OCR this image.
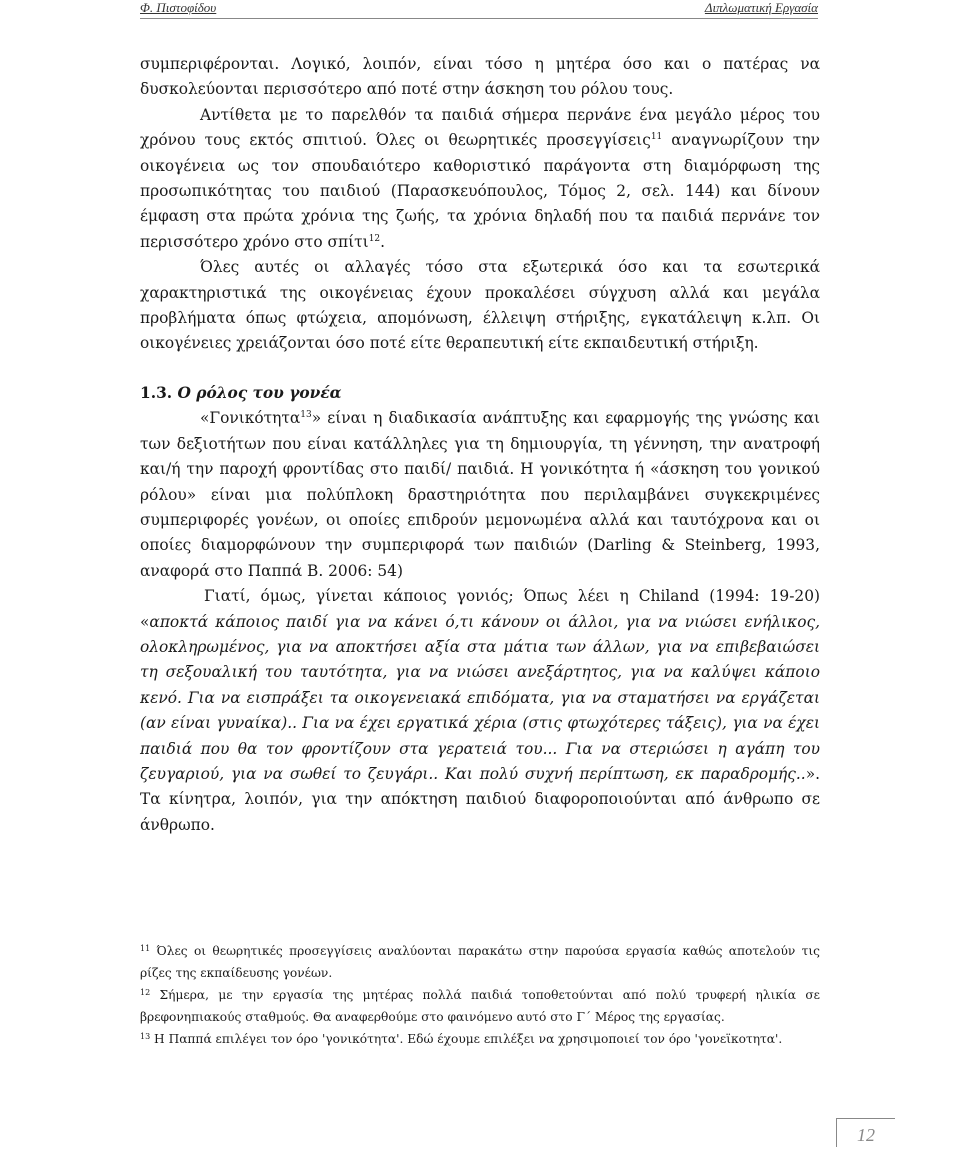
Φ. Πιστοφίδου	Διπλωματική Εργασία

συμπεριφέρονται. Λογικό, λοιπόν, είναι τόσο η μητέρα όσο και ο πατέρας να δυσκολεύονται περισσότερο από ποτέ στην άσκηση του ρόλου τους.

Αντίθετα με το παρελθόν τα παιδιά σήμερα περνάνε ένα μεγάλο μέρος του χρόνου τους εκτός σπιτιού. Όλες οι θεωρητικές προσεγγίσεις$^{11}$ αναγνωρίζουν την οικογένεια ως τον σπουδαιότερο καθοριστικό παράγοντα στη διαμόρφωση της προσωπικότητας του παιδιού (Παρασκευόπουλος, Τόμος 2, σελ. 144) και δίνουν έμφαση στα πρώτα χρόνια της ζωής, τα χρόνια δηλαδή που τα παιδιά περνάνε τον περισσότερο χρόνο στο σπίτι$^{12}$.

Όλες αυτές οι αλλαγές τόσο στα εξωτερικά όσο και τα εσωτερικά χαρακτηριστικά της οικογένειας έχουν προκαλέσει σύγχυση αλλά και μεγάλα προβλήματα όπως φτώχεια, απομόνωση, έλλειψη στήριξης, εγκατάλειψη κ.λπ. Οι οικογένειες χρειάζονται όσο ποτέ είτε θεραπευτική είτε εκπαιδευτική στήριξη.

1.3. Ο ρόλος του γονέα

«Γονικότητα$^{13}$» είναι η διαδικασία ανάπτυξης και εφαρμογής της γνώσης και των δεξιοτήτων που είναι κατάλληλες για τη δημιουργία, τη γέννηση, την ανατροφή και/ή την παροχή φροντίδας στο παιδί/ παιδιά. Η γονικότητα ή «άσκηση του γονικού ρόλου» είναι μια πολύπλοκη δραστηριότητα που περιλαμβάνει συγκεκριμένες συμπεριφορές γονέων, οι οποίες επιδρούν μεμονωμένα αλλά και ταυτόχρονα και οι οποίες διαμορφώνουν την συμπεριφορά των παιδιών (Darling & Steinberg, 1993, αναφορά στο Παππά Β. 2006: 54)

Γιατί, όμως, γίνεται κάποιος γονιός; Όπως λέει η Chiland (1994: 19-20) «αποκτά κάποιος παιδί για να κάνει ό,τι κάνουν οι άλλοι, για να νιώσει ενήλικος, ολοκληρωμένος, για να αποκτήσει αξία στα μάτια των άλλων, για να επιβεβαιώσει τη σεξουαλική του ταυτότητα, για να νιώσει ανεξάρτητος, για να καλύψει κάποιο κενό. Για να εισπράξει τα οικογενειακά επιδόματα, για να σταματήσει να εργάζεται (αν είναι γυναίκα).. Για να έχει εργατικά χέρια (στις φτωχότερες τάξεις), για να έχει παιδιά που θα τον φροντίζουν στα γερατειά του... Για να στεριώσει η αγάπη του ζευγαριού, για να σωθεί το ζευγάρι.. Και πολύ συχνή περίπτωση, εκ παραδρομής..». Τα κίνητρα, λοιπόν, για την απόκτηση παιδιού διαφοροποιούνται από άνθρωπο σε άνθρωπο.

$^{11}$ Όλες οι θεωρητικές προσεγγίσεις αναλύονται παρακάτω στην παρούσα εργασία καθώς αποτελούν τις ρίζες της εκπαίδευσης γονέων.

$^{12}$ Σήμερα, με την εργασία της μητέρας πολλά παιδιά τοποθετούνται από πολύ τρυφερή ηλικία σε βρεφονηπιακούς σταθμούς. Θα αναφερθούμε στο φαινόμενο αυτό στο Γ΄ Μέρος της εργασίας.

$^{13}$ Η Παππά επιλέγει τον όρο 'γονικότητα'. Εδώ έχουμε επιλέξει να χρησιμοποιεί τον όρο 'γονεϊκοτητα'.

12
